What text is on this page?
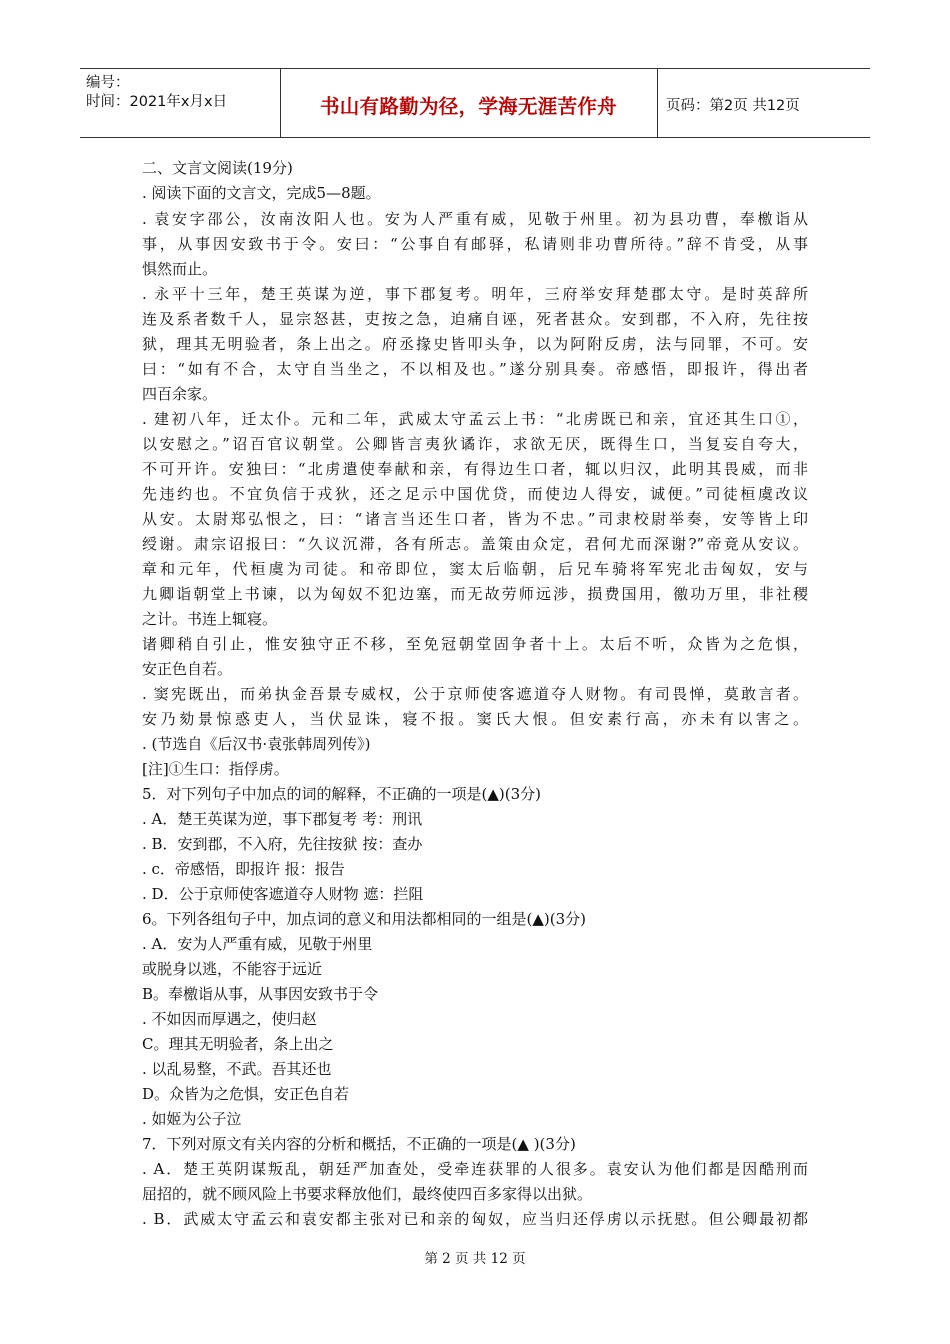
编号：
时间：2021年x月x日	书山有路勤为径，学海无涯苦作舟	页码：第2页 共12页
二、文言文阅读(19分)
. 阅读下面的文言文，完成5—8题。
. 袁安字邵公，汝南汝阳人也。安为人严重有威，见敬于州里。初为县功曹，奉檄诣从
事，从事因安致书于令。安曰：“公事自有邮驿，私请则非功曹所待。”辞不肯受，从事
惧然而止。
. 永平十三年，楚王英谋为逆，事下郡复考。明年，三府举安拜楚郡太守。是时英辞所
连及系者数千人，显宗怒甚，吏按之急，迫痛自诬，死者甚众。安到郡，不入府，先往按
狱，理其无明验者，条上出之。府丞掾史皆叩头争，以为阿附反虏，法与同罪，不可。安
曰：“如有不合，太守自当坐之，不以相及也。”遂分别具奏。帝感悟，即报许，得出者
四百余家。
. 建初八年，迁太仆。元和二年，武威太守孟云上书：“北虏既已和亲，宜还其生口①，
以安慰之。”诏百官议朝堂。公卿皆言夷狄谲诈，求欲无厌，既得生口，当复妄自夸大，
不可开许。安独曰：“北虏遣使奉献和亲，有得边生口者，辄以归汉，此明其畏威，而非
先违约也。不宜负信于戎狄，还之足示中国优贷，而使边人得安，诚便。”司徒桓虞改议
从安。太尉郑弘恨之，曰：“诸言当还生口者，皆为不忠。”司隶校尉举奏，安等皆上印
绶谢。肃宗诏报曰：“久议沉滞，各有所志。盖策由众定，君何尤而深谢?”帝竟从安议。
章和元年，代桓虞为司徒。和帝即位，窦太后临朝，后兄车骑将军宪北击匈奴，安与
九卿诣朝堂上书谏，以为匈奴不犯边塞，而无故劳师远涉，损费国用，徼功万里，非社稷
之计。书连上辄寝。
诸卿稍自引止，惟安独守正不移，至免冠朝堂固争者十上。太后不听，众皆为之危惧，
安正色自若。
. 窦宪既出，而弟执金吾景专威权，公于京师使客遮道夺人财物。有司畏惮，莫敢言者。
安乃劾景惊惑吏人，当伏显诛，寝不报。窦氏大恨。但安素行高，亦未有以害之。
. (节选自《后汉书·袁张韩周列传》)
[注]①生口：指俘虏。
5．对下列句子中加点的词的解释，不正确的一项是(▲)(3分)
. A．楚王英谋为逆，事下郡复考 考：刑讯
. B．安到郡，不入府，先往按狱 按：查办
. c．帝感悟，即报许 报：报告
. D．公于京师使客遮道夺人财物 遮：拦阻
6。下列各组句子中，加点词的意义和用法都相同的一组是(▲)(3分)
. A．安为人严重有威，见敬于州里
或脱身以逃，不能容于远近
B。奉檄诣从事，从事因安致书于令
. 不如因而厚遇之，使归赵
C。理其无明验者，条上出之
. 以乱易整，不武。吾其还也
D。众皆为之危惧，安正色自若
. 如姬为公子泣
7．下列对原文有关内容的分析和概括，不正确的一项是(▲ )(3分)
. A．楚王英阴谋叛乱，朝廷严加查处，受牵连获罪的人很多。袁安认为他们都是因酷刑而
屈招的，就不顾风险上书要求释放他们，最终使四百多家得以出狱。
. B．武威太守孟云和袁安都主张对已和亲的匈奴，应当归还俘虏以示抚慰。但公卿最初都
第 2 页 共 12 页
